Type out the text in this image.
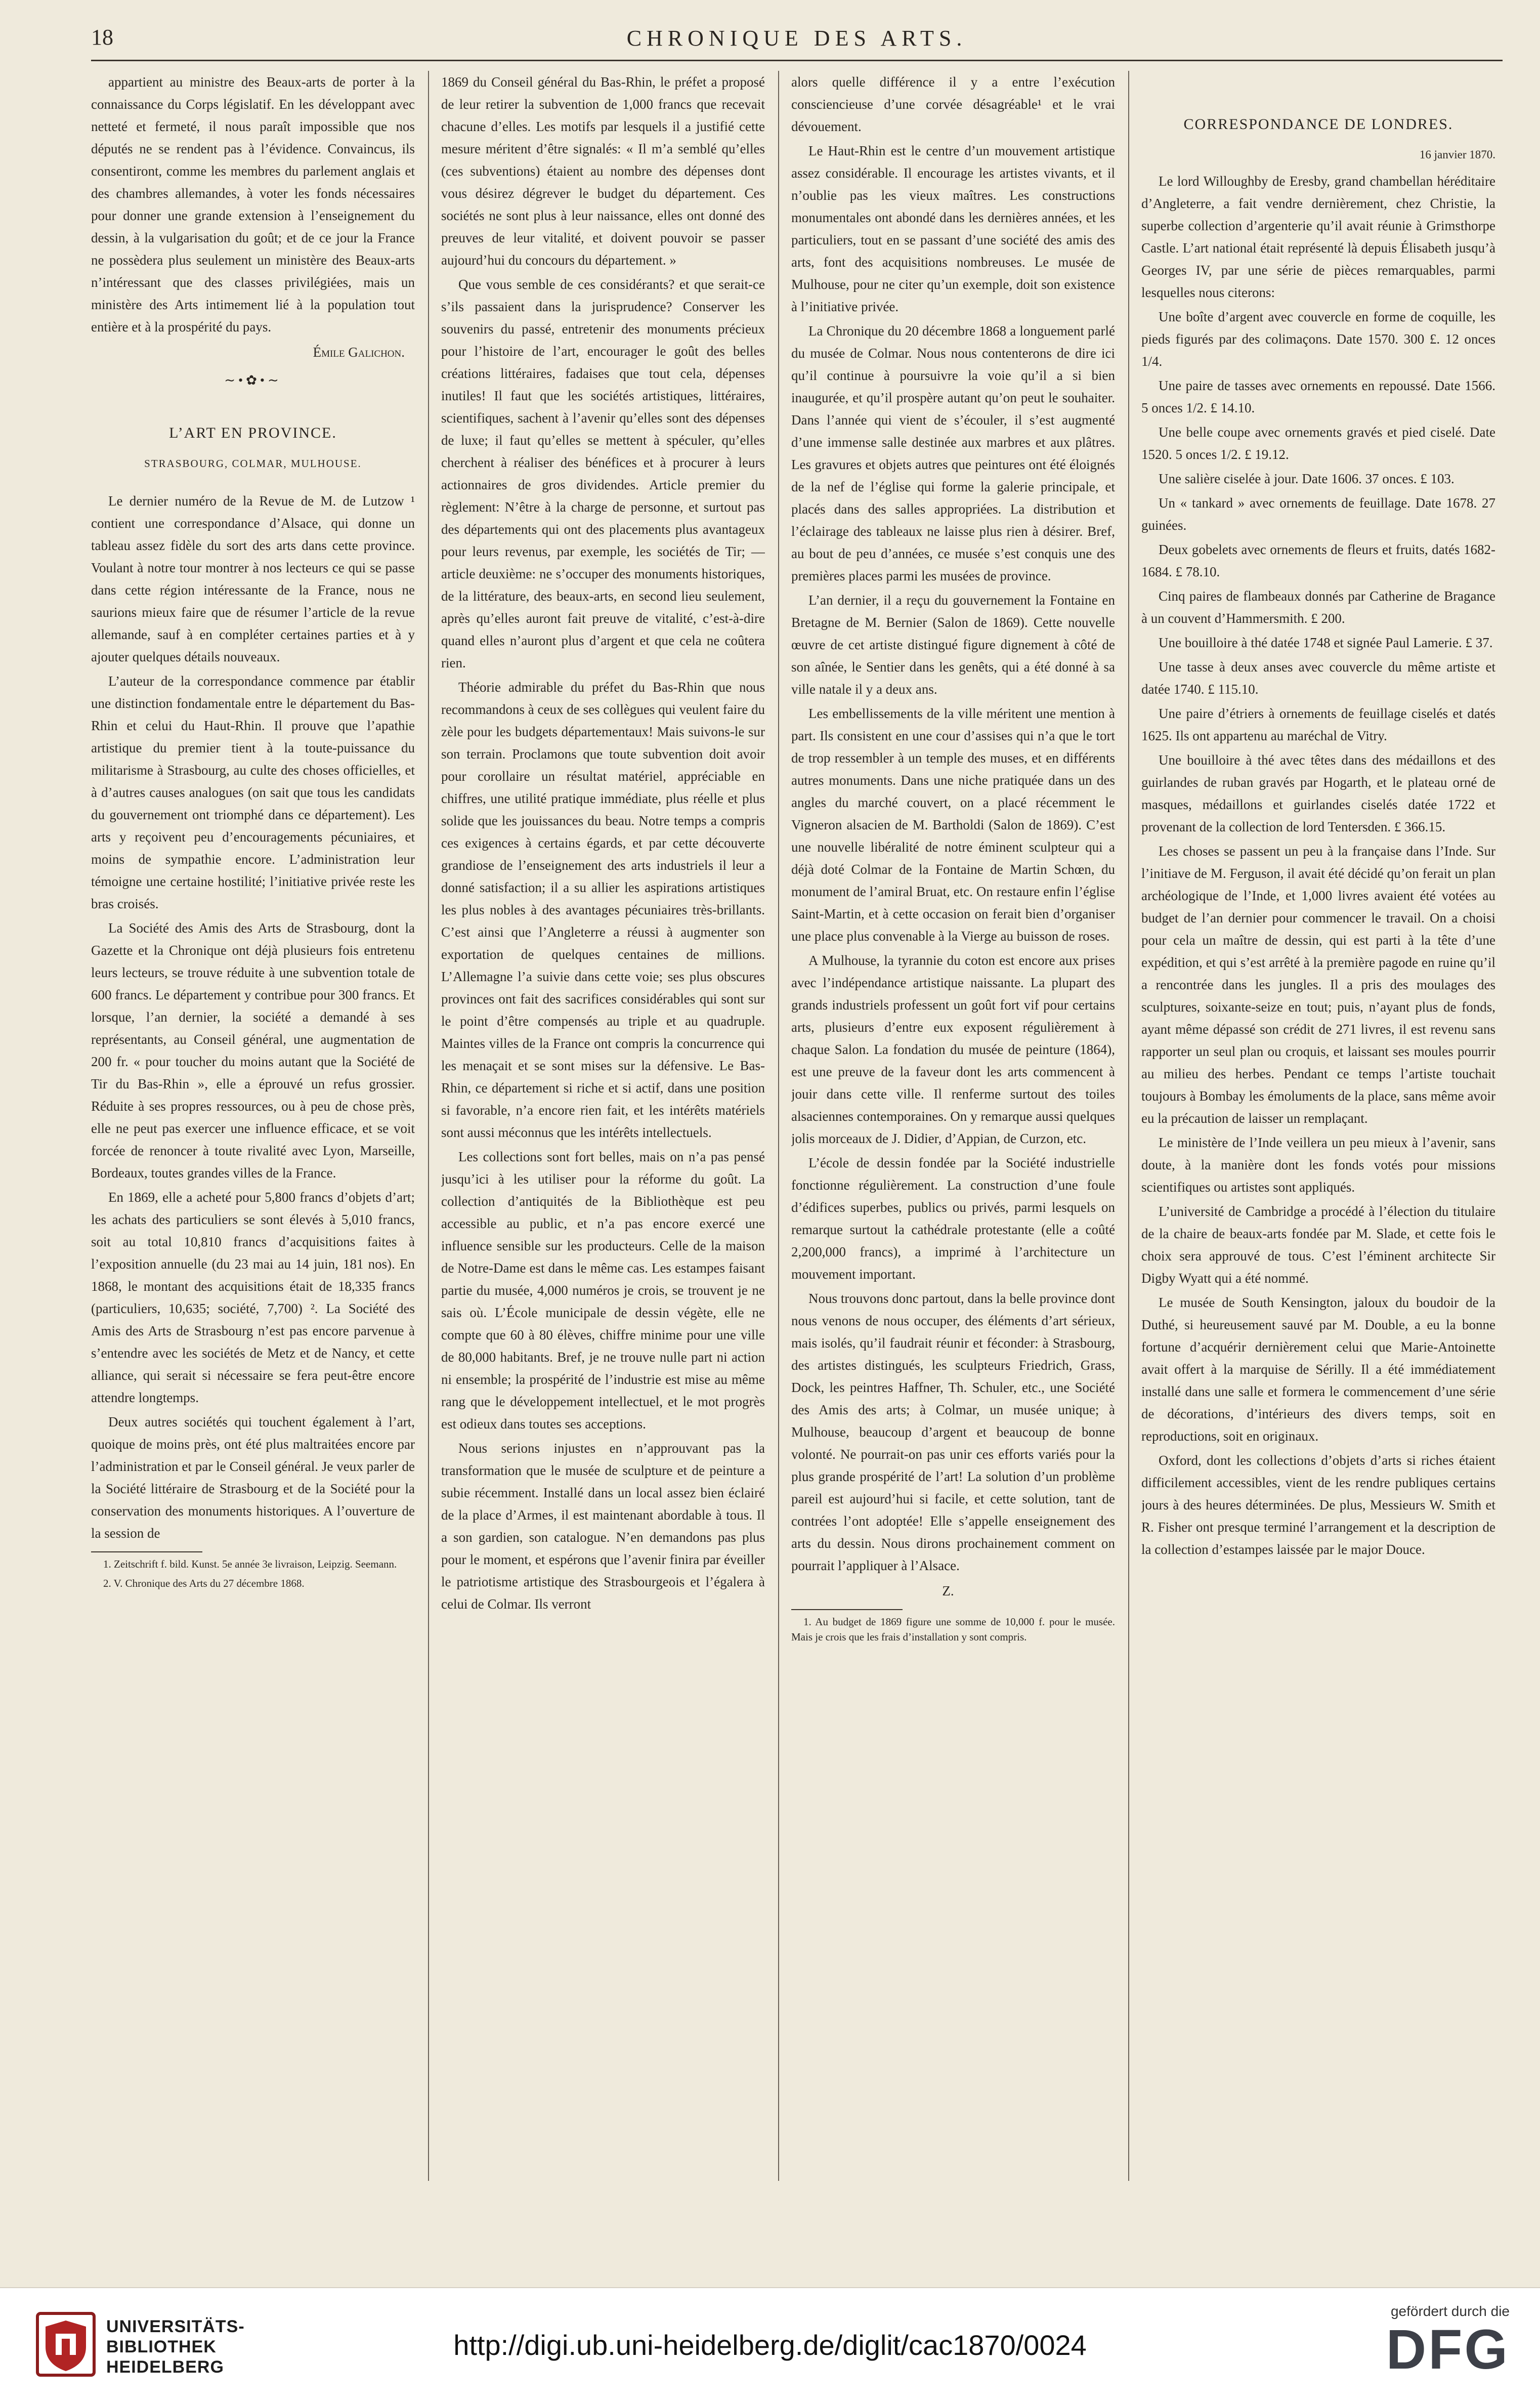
18	CHRONIQUE DES ARTS.

appartient au ministre des Beaux-arts de porter à la connaissance du Corps législatif. En les développant avec netteté et fermeté, il nous paraît impossible que nos députés ne se rendent pas à l’évidence. Convaincus, ils consentiront, comme les membres du parlement anglais et des chambres allemandes, à voter les fonds nécessaires pour donner une grande extension à l’enseignement du dessin, à la vulgarisation du goût; et de ce jour la France ne possèdera plus seulement un ministère des Beaux-arts n’intéressant que des classes privilégiées, mais un ministère des Arts intimement lié à la population tout entière et à la prospérité du pays.

Émile Galichon.

∼•✿•∼

L’ART EN PROVINCE.

STRASBOURG, COLMAR, MULHOUSE.

Le dernier numéro de la Revue de M. de Lutzow ¹ contient une correspondance d’Alsace, qui donne un tableau assez fidèle du sort des arts dans cette province. Voulant à notre tour montrer à nos lecteurs ce qui se passe dans cette région intéressante de la France, nous ne saurions mieux faire que de résumer l’article de la revue allemande, sauf à en compléter certaines parties et à y ajouter quelques détails nouveaux.

L’auteur de la correspondance commence par établir une distinction fondamentale entre le département du Bas-Rhin et celui du Haut-Rhin. Il prouve que l’apathie artistique du premier tient à la toute-puissance du militarisme à Strasbourg, au culte des choses officielles, et à d’autres causes analogues (on sait que tous les candidats du gouvernement ont triomphé dans ce département). Les arts y reçoivent peu d’encouragements pécuniaires, et moins de sympathie encore. L’administration leur témoigne une certaine hostilité; l’initiative privée reste les bras croisés.

La Société des Amis des Arts de Strasbourg, dont la Gazette et la Chronique ont déjà plusieurs fois entretenu leurs lecteurs, se trouve réduite à une subvention totale de 600 francs. Le département y contribue pour 300 francs. Et lorsque, l’an dernier, la société a demandé à ses représentants, au Conseil général, une augmentation de 200 fr. « pour toucher du moins autant que la Société de Tir du Bas-Rhin », elle a éprouvé un refus grossier. Réduite à ses propres ressources, ou à peu de chose près, elle ne peut pas exercer une influence efficace, et se voit forcée de renoncer à toute rivalité avec Lyon, Marseille, Bordeaux, toutes grandes villes de la France.

En 1869, elle a acheté pour 5,800 francs d’objets d’art; les achats des particuliers se sont élevés à 5,010 francs, soit au total 10,810 francs d’acquisitions faites à l’exposition annuelle (du 23 mai au 14 juin, 181 nos). En 1868, le montant des acquisitions était de 18,335 francs (particuliers, 10,635; société, 7,700) ². La Société des Amis des Arts de Strasbourg n’est pas encore parvenue à s’entendre avec les sociétés de Metz et de Nancy, et cette alliance, qui serait si nécessaire se fera peut-être encore attendre longtemps.

Deux autres sociétés qui touchent également à l’art, quoique de moins près, ont été plus maltraitées encore par l’administration et par le Conseil général. Je veux parler de la Société littéraire de Strasbourg et de la Société pour la conservation des monuments historiques. A l’ouverture de la session de

1. Zeitschrift f. bild. Kunst. 5e année 3e livraison, Leipzig. Seemann.

2. V. Chronique des Arts du 27 décembre 1868.

1869 du Conseil général du Bas-Rhin, le préfet a proposé de leur retirer la subvention de 1,000 francs que recevait chacune d’elles. Les motifs par lesquels il a justifié cette mesure méritent d’être signalés: « Il m’a semblé qu’elles (ces subventions) étaient au nombre des dépenses dont vous désirez dégrever le budget du département. Ces sociétés ne sont plus à leur naissance, elles ont donné des preuves de leur vitalité, et doivent pouvoir se passer aujourd’hui du concours du département. »

Que vous semble de ces considérants? et que serait-ce s’ils passaient dans la jurisprudence? Conserver les souvenirs du passé, entretenir des monuments précieux pour l’histoire de l’art, encourager le goût des belles créations littéraires, fadaises que tout cela, dépenses inutiles! Il faut que les sociétés artistiques, littéraires, scientifiques, sachent à l’avenir qu’elles sont des dépenses de luxe; il faut qu’elles se mettent à spéculer, qu’elles cherchent à réaliser des bénéfices et à procurer à leurs actionnaires de gros dividendes. Article premier du règlement: N’être à la charge de personne, et surtout pas des départements qui ont des placements plus avantageux pour leurs revenus, par exemple, les sociétés de Tir; — article deuxième: ne s’occuper des monuments historiques, de la littérature, des beaux-arts, en second lieu seulement, après qu’elles auront fait preuve de vitalité, c’est-à-dire quand elles n’auront plus d’argent et que cela ne coûtera rien.

Théorie admirable du préfet du Bas-Rhin que nous recommandons à ceux de ses collègues qui veulent faire du zèle pour les budgets départementaux! Mais suivons-le sur son terrain. Proclamons que toute subvention doit avoir pour corollaire un résultat matériel, appréciable en chiffres, une utilité pratique immédiate, plus réelle et plus solide que les jouissances du beau. Notre temps a compris ces exigences à certains égards, et par cette découverte grandiose de l’enseignement des arts industriels il leur a donné satisfaction; il a su allier les aspirations artistiques les plus nobles à des avantages pécuniaires très-brillants. C’est ainsi que l’Angleterre a réussi à augmenter son exportation de quelques centaines de millions. L’Allemagne l’a suivie dans cette voie; ses plus obscures provinces ont fait des sacrifices considérables qui sont sur le point d’être compensés au triple et au quadruple. Maintes villes de la France ont compris la concurrence qui les menaçait et se sont mises sur la défensive. Le Bas-Rhin, ce département si riche et si actif, dans une position si favorable, n’a encore rien fait, et les intérêts matériels sont aussi méconnus que les intérêts intellectuels.

Les collections sont fort belles, mais on n’a pas pensé jusqu’ici à les utiliser pour la réforme du goût. La collection d’antiquités de la Bibliothèque est peu accessible au public, et n’a pas encore exercé une influence sensible sur les producteurs. Celle de la maison de Notre-Dame est dans le même cas. Les estampes faisant partie du musée, 4,000 numéros je crois, se trouvent je ne sais où. L’École municipale de dessin végète, elle ne compte que 60 à 80 élèves, chiffre minime pour une ville de 80,000 habitants. Bref, je ne trouve nulle part ni action ni ensemble; la prospérité de l’industrie est mise au même rang que le développement intellectuel, et le mot progrès est odieux dans toutes ses acceptions.

Nous serions injustes en n’approuvant pas la transformation que le musée de sculpture et de peinture a subie récemment. Installé dans un local assez bien éclairé de la place d’Armes, il est maintenant abordable à tous. Il a son gardien, son catalogue. N’en demandons pas plus pour le moment, et espérons que l’avenir finira par éveiller le patriotisme artistique des Strasbourgeois et l’égalera à celui de Colmar. Ils verront

alors quelle différence il y a entre l’exécution consciencieuse d’une corvée désagréable¹ et le vrai dévouement.

Le Haut-Rhin est le centre d’un mouvement artistique assez considérable. Il encourage les artistes vivants, et il n’oublie pas les vieux maîtres. Les constructions monumentales ont abondé dans les dernières années, et les particuliers, tout en se passant d’une société des amis des arts, font des acquisitions nombreuses. Le musée de Mulhouse, pour ne citer qu’un exemple, doit son existence à l’initiative privée.

La Chronique du 20 décembre 1868 a longuement parlé du musée de Colmar. Nous nous contenterons de dire ici qu’il continue à poursuivre la voie qu’il a si bien inaugurée, et qu’il prospère autant qu’on peut le souhaiter. Dans l’année qui vient de s’écouler, il s’est augmenté d’une immense salle destinée aux marbres et aux plâtres. Les gravures et objets autres que peintures ont été éloignés de la nef de l’église qui forme la galerie principale, et placés dans des salles appropriées. La distribution et l’éclairage des tableaux ne laisse plus rien à désirer. Bref, au bout de peu d’années, ce musée s’est conquis une des premières places parmi les musées de province.

L’an dernier, il a reçu du gouvernement la Fontaine en Bretagne de M. Bernier (Salon de 1869). Cette nouvelle œuvre de cet artiste distingué figure dignement à côté de son aînée, le Sentier dans les genêts, qui a été donné à sa ville natale il y a deux ans.

Les embellissements de la ville méritent une mention à part. Ils consistent en une cour d’assises qui n’a que le tort de trop ressembler à un temple des muses, et en différents autres monuments. Dans une niche pratiquée dans un des angles du marché couvert, on a placé récemment le Vigneron alsacien de M. Bartholdi (Salon de 1869). C’est une nouvelle libéralité de notre éminent sculpteur qui a déjà doté Colmar de la Fontaine de Martin Schœn, du monument de l’amiral Bruat, etc. On restaure enfin l’église Saint-Martin, et à cette occasion on ferait bien d’organiser une place plus convenable à la Vierge au buisson de roses.

A Mulhouse, la tyrannie du coton est encore aux prises avec l’indépendance artistique naissante. La plupart des grands industriels professent un goût fort vif pour certains arts, plusieurs d’entre eux exposent régulièrement à chaque Salon. La fondation du musée de peinture (1864), est une preuve de la faveur dont les arts commencent à jouir dans cette ville. Il renferme surtout des toiles alsaciennes contemporaines. On y remarque aussi quelques jolis morceaux de J. Didier, d’Appian, de Curzon, etc.

L’école de dessin fondée par la Société industrielle fonctionne régulièrement. La construction d’une foule d’édifices superbes, publics ou privés, parmi lesquels on remarque surtout la cathédrale protestante (elle a coûté 2,200,000 francs), a imprimé à l’architecture un mouvement important.

Nous trouvons donc partout, dans la belle province dont nous venons de nous occuper, des éléments d’art sérieux, mais isolés, qu’il faudrait réunir et féconder: à Strasbourg, des artistes distingués, les sculpteurs Friedrich, Grass, Dock, les peintres Haffner, Th. Schuler, etc., une Société des Amis des arts; à Colmar, un musée unique; à Mulhouse, beaucoup d’argent et beaucoup de bonne volonté. Ne pourrait-on pas unir ces efforts variés pour la plus grande prospérité de l’art! La solution d’un problème pareil est aujourd’hui si facile, et cette solution, tant de contrées l’ont adoptée! Elle s’appelle enseignement des arts du dessin. Nous dirons prochainement comment on pourrait l’appliquer à l’Alsace.

Z.

1. Au budget de 1869 figure une somme de 10,000 f. pour le musée. Mais je crois que les frais d’installation y sont compris.

CORRESPONDANCE DE LONDRES.

16 janvier 1870.

Le lord Willoughby de Eresby, grand chambellan héréditaire d’Angleterre, a fait vendre dernièrement, chez Christie, la superbe collection d’argenterie qu’il avait réunie à Grimsthorpe Castle. L’art national était représenté là depuis Élisabeth jusqu’à Georges IV, par une série de pièces remarquables, parmi lesquelles nous citerons:

Une boîte d’argent avec couvercle en forme de coquille, les pieds figurés par des colimaçons. Date 1570. 300 £. 12 onces 1/4.

Une paire de tasses avec ornements en repoussé. Date 1566. 5 onces 1/2. £ 14.10.

Une belle coupe avec ornements gravés et pied ciselé. Date 1520. 5 onces 1/2. £ 19.12.

Une salière ciselée à jour. Date 1606. 37 onces. £ 103.

Un « tankard » avec ornements de feuillage. Date 1678. 27 guinées.

Deux gobelets avec ornements de fleurs et fruits, datés 1682-1684. £ 78.10.

Cinq paires de flambeaux donnés par Catherine de Bragance à un couvent d’Hammersmith. £ 200.

Une bouilloire à thé datée 1748 et signée Paul Lamerie. £ 37.

Une tasse à deux anses avec couvercle du même artiste et datée 1740. £ 115.10.

Une paire d’étriers à ornements de feuillage ciselés et datés 1625. Ils ont appartenu au maréchal de Vitry.

Une bouilloire à thé avec têtes dans des médaillons et des guirlandes de ruban gravés par Hogarth, et le plateau orné de masques, médaillons et guirlandes ciselés datée 1722 et provenant de la collection de lord Tentersden. £ 366.15.

Les choses se passent un peu à la française dans l’Inde. Sur l’initiave de M. Ferguson, il avait été décidé qu’on ferait un plan archéologique de l’Inde, et 1,000 livres avaient été votées au budget de l’an dernier pour commencer le travail. On a choisi pour cela un maître de dessin, qui est parti à la tête d’une expédition, et qui s’est arrêté à la première pagode en ruine qu’il a rencontrée dans les jungles. Il a pris des moulages des sculptures, soixante-seize en tout; puis, n’ayant plus de fonds, ayant même dépassé son crédit de 271 livres, il est revenu sans rapporter un seul plan ou croquis, et laissant ses moules pourrir au milieu des herbes. Pendant ce temps l’artiste touchait toujours à Bombay les émoluments de la place, sans même avoir eu la précaution de laisser un remplaçant.

Le ministère de l’Inde veillera un peu mieux à l’avenir, sans doute, à la manière dont les fonds votés pour missions scientifiques ou artistes sont appliqués.

L’université de Cambridge a procédé à l’élection du titulaire de la chaire de beaux-arts fondée par M. Slade, et cette fois le choix sera approuvé de tous. C’est l’éminent architecte Sir Digby Wyatt qui a été nommé.

Le musée de South Kensington, jaloux du boudoir de la Duthé, si heureusement sauvé par M. Double, a eu la bonne fortune d’acquérir dernièrement celui que Marie-Antoinette avait offert à la marquise de Sérilly. Il a été immédiatement installé dans une salle et formera le commencement d’une série de décorations, d’intérieurs des divers temps, soit en reproductions, soit en originaux.

Oxford, dont les collections d’objets d’arts si riches étaient difficilement accessibles, vient de les rendre publiques certains jours à des heures déterminées. De plus, Messieurs W. Smith et R. Fisher ont presque terminé l’arrangement et la description de la collection d’estampes laissée par le major Douce.

UNIVERSITÄTS-
BIBLIOTHEK
HEIDELBERG
http://digi.ub.uni-heidelberg.de/diglit/cac1870/0024
gefördert durch die
DFG
